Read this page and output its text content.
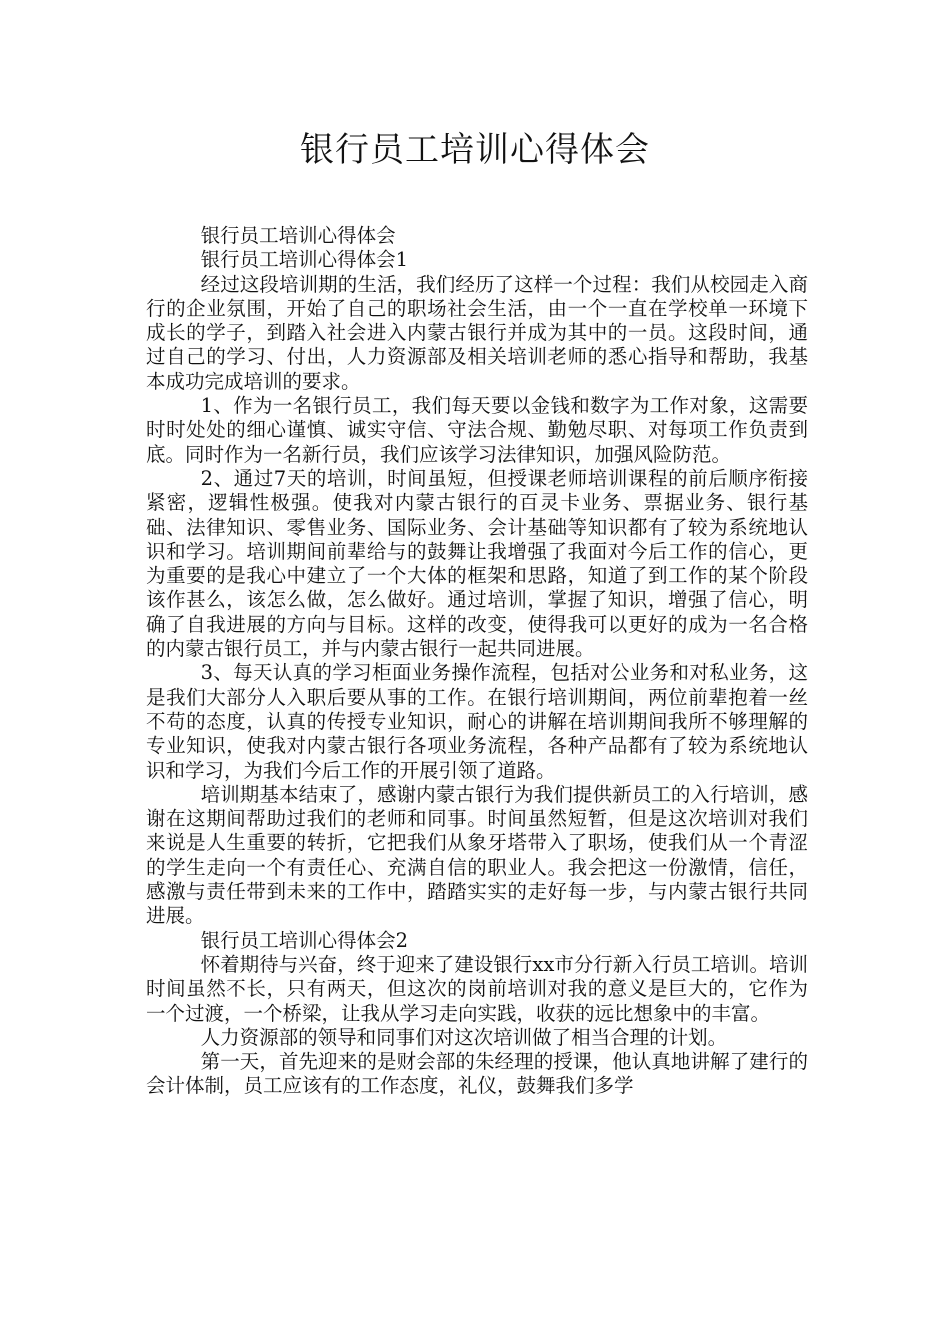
银行员工培训心得体会

银行员工培训心得体会

银行员工培训心得体会1

经过这段培训期的生活，我们经历了这样一个过程：我们从校园走入商行的企业氛围，开始了自己的职场社会生活，由一个一直在学校单一环境下成长的学子，到踏入社会进入内蒙古银行并成为其中的一员。这段时间，通过自己的学习、付出，人力资源部及相关培训老师的悉心指导和帮助，我基本成功完成培训的要求。

1、作为一名银行员工，我们每天要以金钱和数字为工作对象，这需要时时处处的细心谨慎、诚实守信、守法合规、勤勉尽职、对每项工作负责到底。同时作为一名新行员，我们应该学习法律知识，加强风险防范。

2、通过7天的培训，时间虽短，但授课老师培训课程的前后顺序衔接紧密，逻辑性极强。使我对内蒙古银行的百灵卡业务、票据业务、银行基础、法律知识、零售业务、国际业务、会计基础等知识都有了较为系统地认识和学习。培训期间前辈给与的鼓舞让我增强了我面对今后工作的信心，更为重要的是我心中建立了一个大体的框架和思路，知道了到工作的某个阶段该作甚么，该怎么做，怎么做好。通过培训，掌握了知识，增强了信心，明确了自我进展的方向与目标。这样的改变，使得我可以更好的成为一名合格的内蒙古银行员工，并与内蒙古银行一起共同进展。

3、每天认真的学习柜面业务操作流程，包括对公业务和对私业务，这是我们大部分人入职后要从事的工作。在银行培训期间，两位前辈抱着一丝不苟的态度，认真的传授专业知识，耐心的讲解在培训期间我所不够理解的专业知识，使我对内蒙古银行各项业务流程，各种产品都有了较为系统地认识和学习，为我们今后工作的开展引领了道路。

培训期基本结束了，感谢内蒙古银行为我们提供新员工的入行培训，感谢在这期间帮助过我们的老师和同事。时间虽然短暂，但是这次培训对我们来说是人生重要的转折，它把我们从象牙塔带入了职场，使我们从一个青涩的学生走向一个有责任心、充满自信的职业人。我会把这一份激情，信任，感激与责任带到未来的工作中，踏踏实实的走好每一步，与内蒙古银行共同进展。

银行员工培训心得体会2

怀着期待与兴奋，终于迎来了建设银行xx市分行新入行员工培训。培训时间虽然不长，只有两天，但这次的岗前培训对我的意义是巨大的，它作为一个过渡，一个桥梁，让我从学习走向实践，收获的远比想象中的丰富。

人力资源部的领导和同事们对这次培训做了相当合理的计划。

第一天，首先迎来的是财会部的朱经理的授课，他认真地讲解了建行的会计体制，员工应该有的工作态度，礼仪，鼓舞我们多学
